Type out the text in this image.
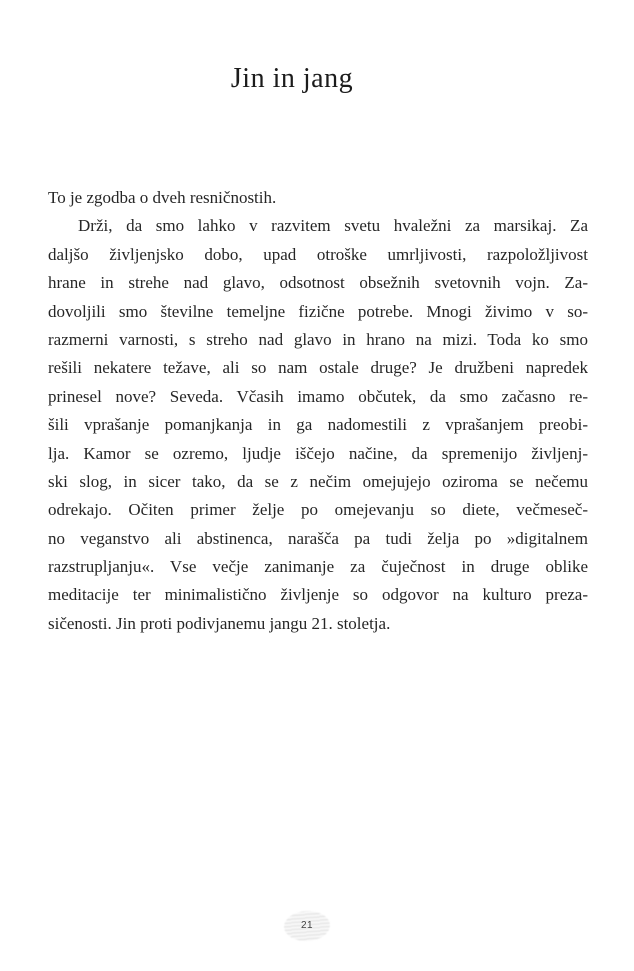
Jin in jang
To je zgodba o dveh resničnostih.
Drži, da smo lahko v razvitem svetu hvaležni za marsikaj. Za
daljšo življenjsko dobo, upad otroške umrljivosti, razpoložljivost
hrane in strehe nad glavo, odsotnost obsežnih svetovnih vojn. Za-
dovoljili smo številne temeljne fizične potrebe. Mnogi živimo v so-
razmerni varnosti, s streho nad glavo in hrano na mizi. Toda ko smo
rešili nekatere težave, ali so nam ostale druge? Je družbeni napredek
prinesel nove? Seveda. Včasih imamo občutek, da smo začasno re-
šili vprašanje pomanjkanja in ga nadomestili z vprašanjem preobi-
lja. Kamor se ozremo, ljudje iščejo načine, da spremenijo življenj-
ski slog, in sicer tako, da se z nečim omejujejo oziroma se nečemu
odrekajo. Očiten primer želje po omejevanju so diete, večmeseč-
no veganstvo ali abstinenca, narašča pa tudi želja po »digitalnem
razstrupljanju«. Vse večje zanimanje za čuječnost in druge oblike
meditacije ter minimalistično življenje so odgovor na kulturo preza-
sičenosti. Jin proti podivjanemu jangu 21. stoletja.
21
